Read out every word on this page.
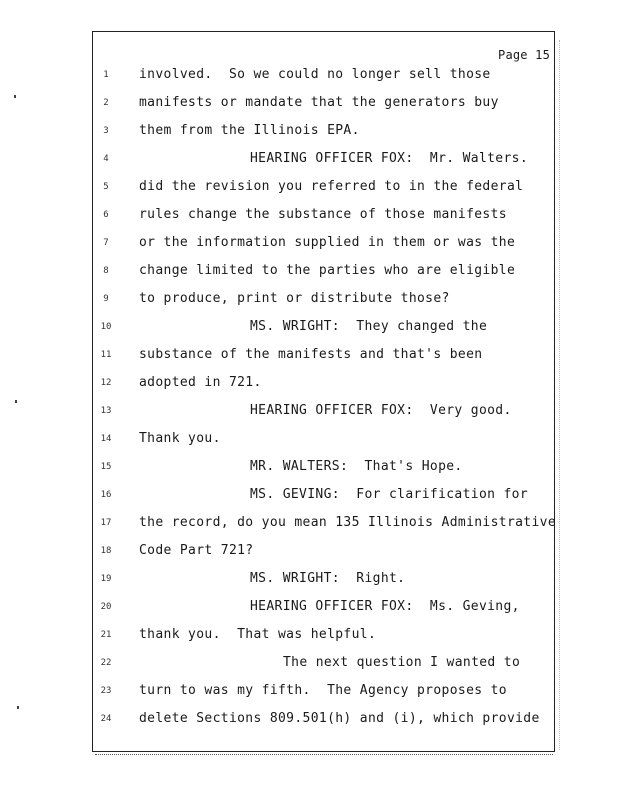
Page 15
1	involved.  So we could no longer sell those
2	manifests or mandate that the generators buy
3	them from the Illinois EPA.
4	HEARING OFFICER FOX:  Mr. Walters.
5	did the revision you referred to in the federal
6	rules change the substance of those manifests
7	or the information supplied in them or was the
8	change limited to the parties who are eligible
9	to produce, print or distribute those?
10	MS. WRIGHT:  They changed the
11	substance of the manifests and that's been
12	adopted in 721.
13	HEARING OFFICER FOX:  Very good.
14	Thank you.
15	MR. WALTERS:  That's Hope.
16	MS. GEVING:  For clarification for
17	the record, do you mean 135 Illinois Administrative
18	Code Part 721?
19	MS. WRIGHT:  Right.
20	HEARING OFFICER FOX:  Ms. Geving,
21	thank you.  That was helpful.
22	The next question I wanted to
23	turn to was my fifth.  The Agency proposes to
24	delete Sections 809.501(h) and (i), which provide
